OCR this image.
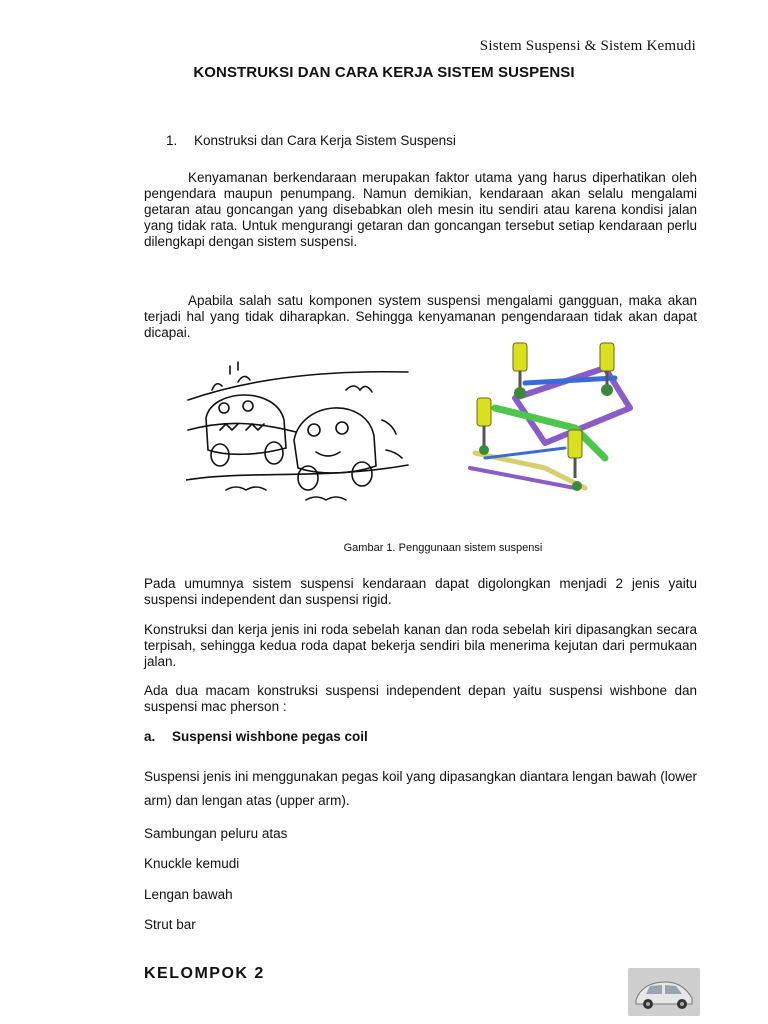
Sistem Suspensi & Sistem Kemudi
KONSTRUKSI DAN CARA KERJA SISTEM SUSPENSI
1. Konstruksi dan Cara Kerja Sistem Suspensi
Kenyamanan berkendaraan merupakan faktor utama yang harus diperhatikan oleh pengendara maupun penumpang. Namun demikian, kendaraan akan selalu mengalami getaran atau goncangan yang disebabkan oleh mesin itu sendiri atau karena kondisi jalan yang tidak rata. Untuk mengurangi getaran dan goncangan tersebut setiap kendaraan perlu dilengkapi dengan sistem suspensi.
Apabila salah satu komponen system suspensi mengalami gangguan, maka akan terjadi hal yang tidak diharapkan. Sehingga kenyamanan pengendaraan tidak akan dapat dicapai.
Gambar 1. Penggunaan sistem suspensi
Pada umumnya sistem suspensi kendaraan dapat digolongkan menjadi 2 jenis yaitu suspensi independent dan suspensi rigid.
Konstruksi dan kerja jenis ini roda sebelah kanan dan roda sebelah kiri dipasangkan secara terpisah, sehingga kedua roda dapat bekerja sendiri bila menerima kejutan dari permukaan jalan.
Ada dua macam konstruksi suspensi independent depan yaitu suspensi wishbone dan suspensi mac pherson :
a. Suspensi wishbone pegas coil
Suspensi jenis ini menggunakan pegas koil yang dipasangkan diantara lengan bawah (lower arm) dan lengan atas (upper arm).
Sambungan peluru atas
Knuckle kemudi
Lengan bawah
Strut bar
KELOMPOK 2
